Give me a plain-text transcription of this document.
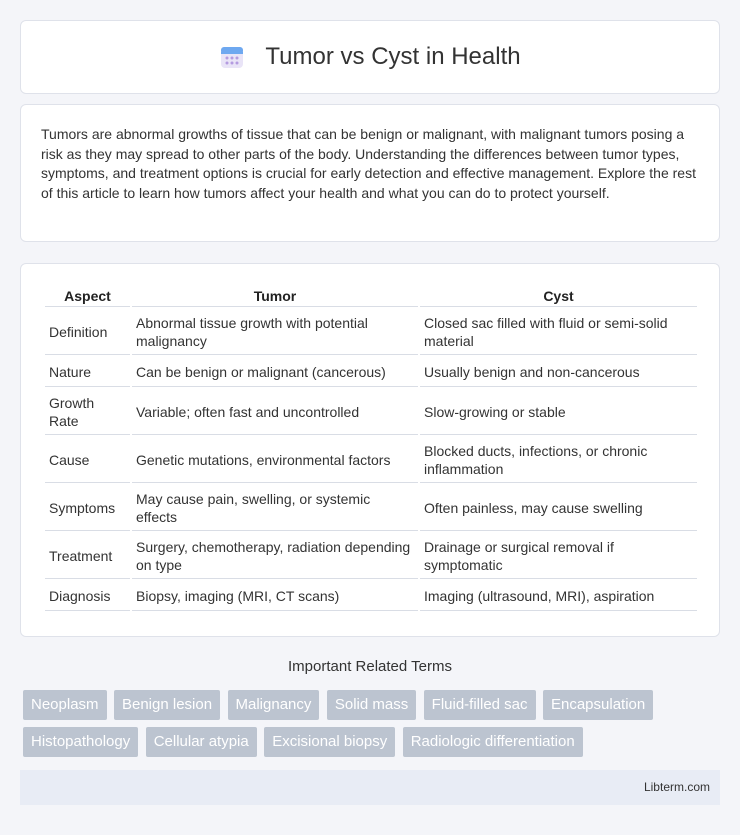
Tumor vs Cyst in Health

Tumors are abnormal growths of tissue that can be benign or malignant, with malignant tumors posing a risk as they may spread to other parts of the body. Understanding the differences between tumor types, symptoms, and treatment options is crucial for early detection and effective management. Explore the rest of this article to learn how tumors affect your health and what you can do to protect yourself.

Aspect	Tumor	Cyst
Definition	Abnormal tissue growth with potential malignancy	Closed sac filled with fluid or semi-solid material
Nature	Can be benign or malignant (cancerous)	Usually benign and non-cancerous
Growth Rate	Variable; often fast and uncontrolled	Slow-growing or stable
Cause	Genetic mutations, environmental factors	Blocked ducts, infections, or chronic inflammation
Symptoms	May cause pain, swelling, or systemic effects	Often painless, may cause swelling
Treatment	Surgery, chemotherapy, radiation depending on type	Drainage or surgical removal if symptomatic
Diagnosis	Biopsy, imaging (MRI, CT scans)	Imaging (ultrasound, MRI), aspiration
Important Related Terms
Neoplasm Benign lesion Malignancy Solid mass Fluid-filled sac Encapsulation Histopathology Cellular atypia Excisional biopsy Radiologic differentiation
Libterm.com
